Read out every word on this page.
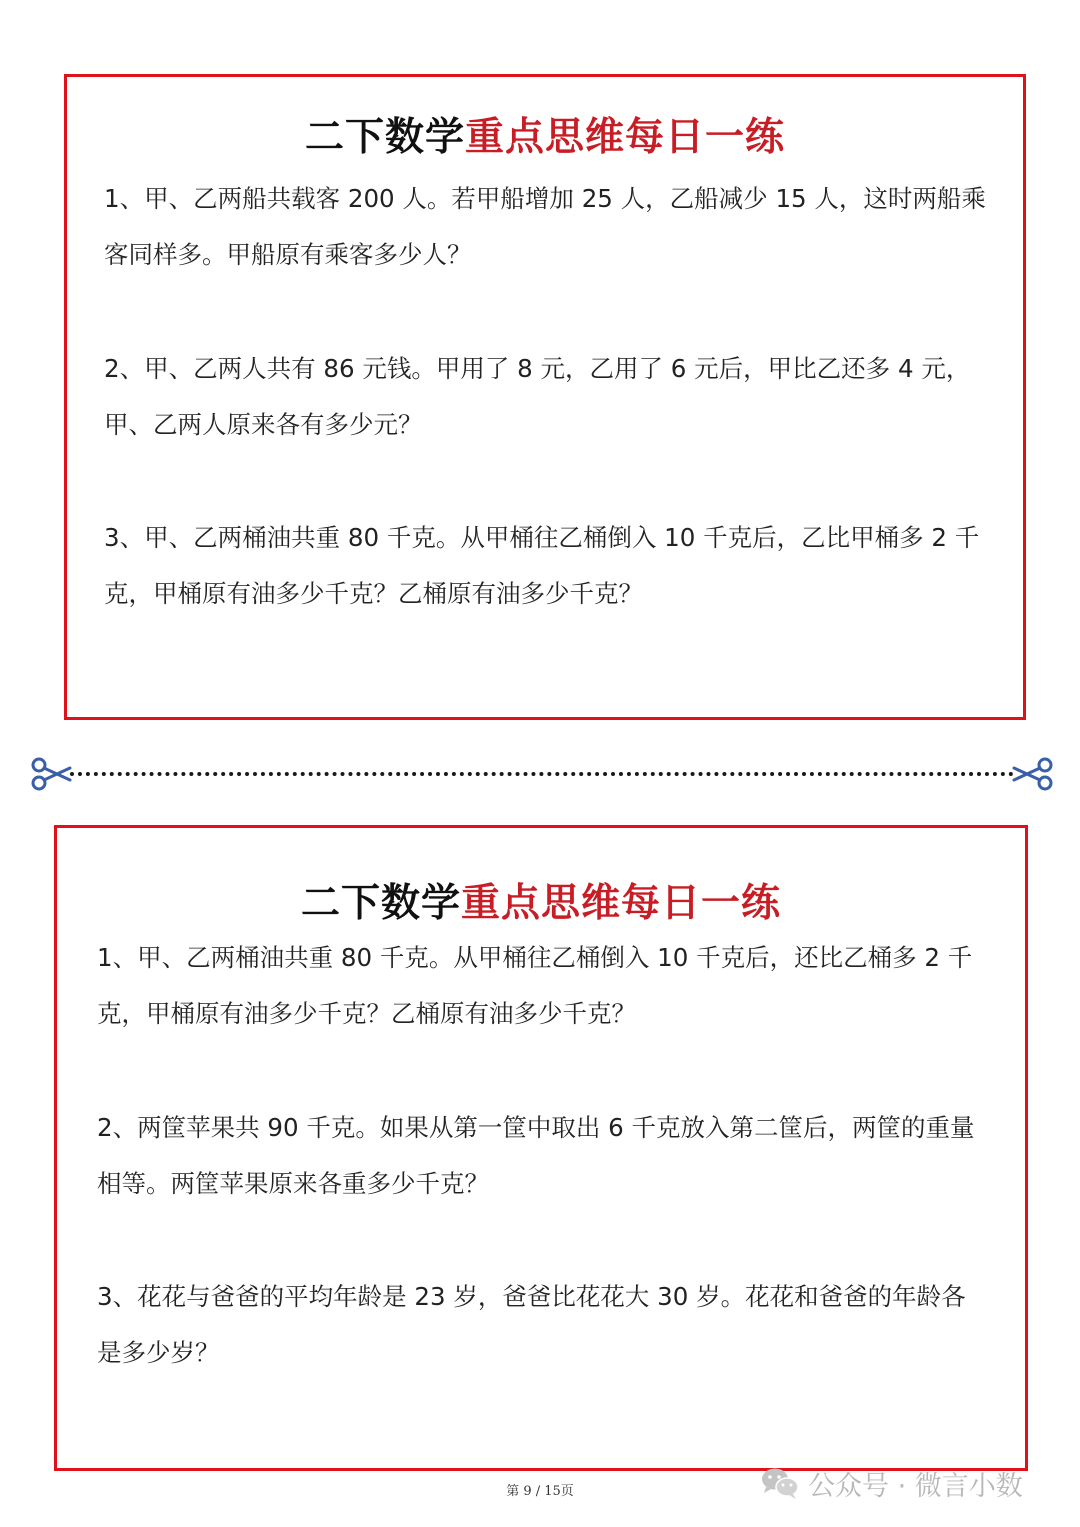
二下数学重点思维每日一练
1、甲、乙两船共载客 200 人。若甲船增加 25 人，乙船减少 15 人，这时两船乘
客同样多。甲船原有乘客多少人？
2、甲、乙两人共有 86 元钱。甲用了 8 元，乙用了 6 元后，甲比乙还多 4 元，
甲、乙两人原来各有多少元？
3、甲、乙两桶油共重 80 千克。从甲桶往乙桶倒入 10 千克后，乙比甲桶多 2 千
克，甲桶原有油多少千克？乙桶原有油多少千克？
二下数学重点思维每日一练
1、甲、乙两桶油共重 80 千克。从甲桶往乙桶倒入 10 千克后，还比乙桶多 2 千
克，甲桶原有油多少千克？乙桶原有油多少千克？
2、两筐苹果共 90 千克。如果从第一筐中取出 6 千克放入第二筐后，两筐的重量
相等。两筐苹果原来各重多少千克？
3、花花与爸爸的平均年龄是 23 岁，爸爸比花花大 30 岁。花花和爸爸的年龄各
是多少岁？
第 9 / 15页	公众号 · 微言小数
